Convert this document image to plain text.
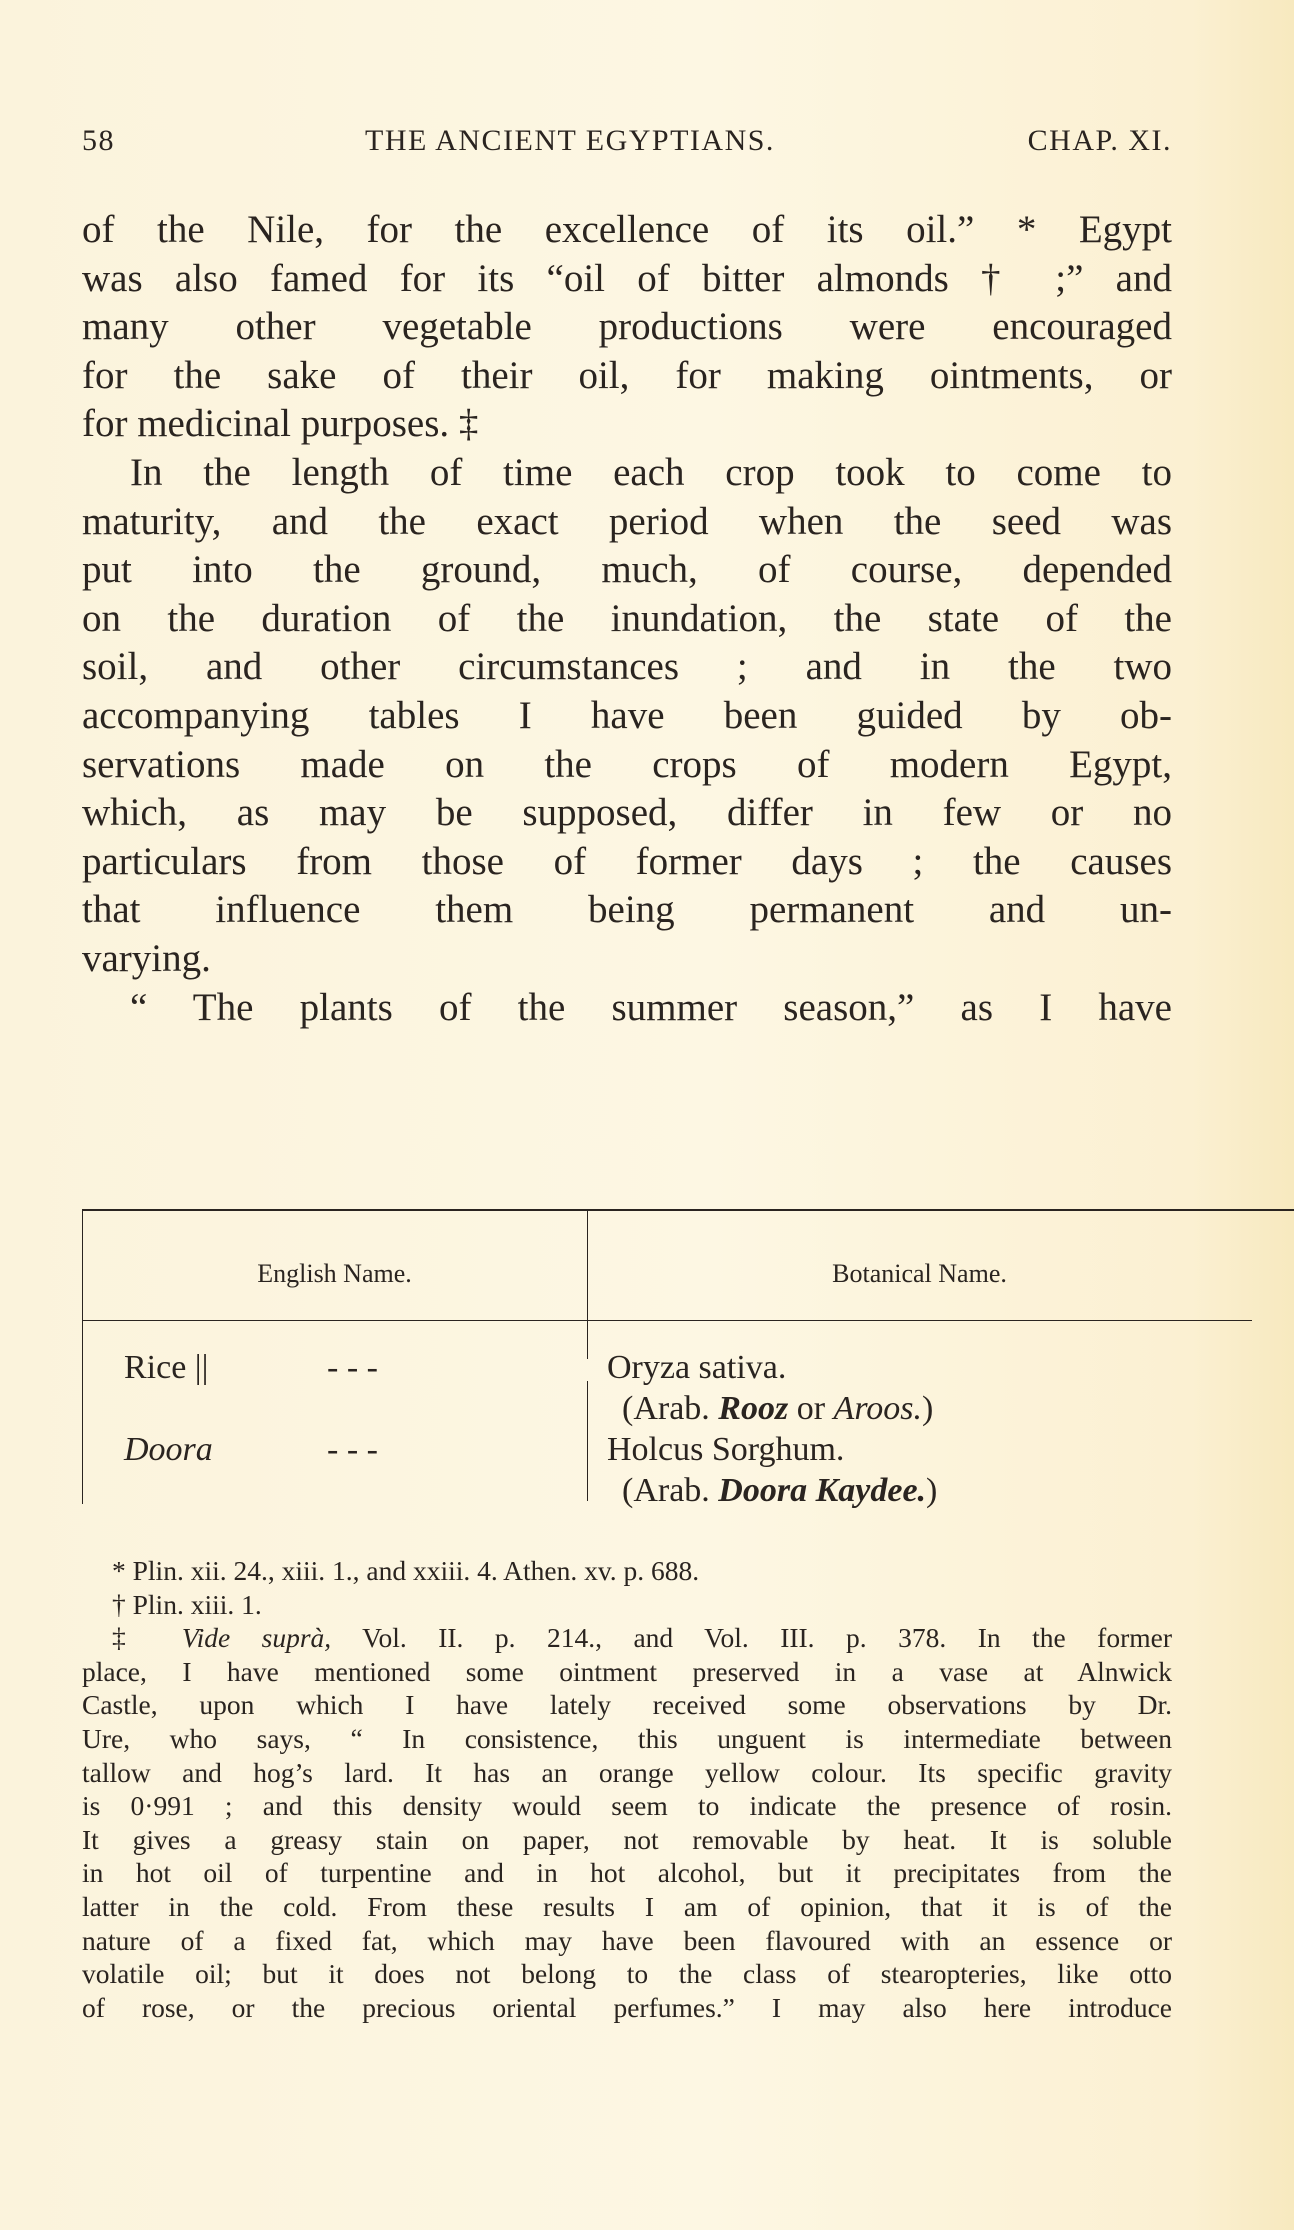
58	THE ANCIENT EGYPTIANS.	CHAP. XI.
of the Nile, for the excellence of its oil.” * Egypt
was also famed for its “oil of bitter almonds † ;” and
many other vegetable productions were encouraged
for the sake of their oil, for making ointments, or
for medicinal purposes. ‡
In the length of time each crop took to come to
maturity, and the exact period when the seed was
put into the ground, much, of course, depended
on the duration of the inundation, the state of the
soil, and other circumstances ; and in the two
accompanying tables I have been guided by ob-
servations made on the crops of modern Egypt,
which, as may be supposed, differ in few or no
particulars from those of former days ; the causes
that influence them being permanent and un-
varying.
“ The plants of the summer season,” as I have
English Name.	Botanical Name.
Rice ||	- - -	Oryza sativa.
(Arab. Rooz or Aroos.)
Doora	- - -	Holcus Sorghum.
(Arab. Doora Kaydee.)
* Plin. xii. 24., xiii. 1., and xxiii. 4. Athen. xv. p. 688.
† Plin. xiii. 1.
‡ Vide suprà, Vol. II. p. 214., and Vol. III. p. 378. In the former
place, I have mentioned some ointment preserved in a vase at Alnwick
Castle, upon which I have lately received some observations by Dr.
Ure, who says, “ In consistence, this unguent is intermediate between
tallow and hog’s lard. It has an orange yellow colour. Its specific gravity
is 0·991 ; and this density would seem to indicate the presence of rosin.
It gives a greasy stain on paper, not removable by heat. It is soluble
in hot oil of turpentine and in hot alcohol, but it precipitates from the
latter in the cold. From these results I am of opinion, that it is of the
nature of a fixed fat, which may have been flavoured with an essence or
volatile oil; but it does not belong to the class of stearopteries, like otto
of rose, or the precious oriental perfumes.” I may also here introduce
